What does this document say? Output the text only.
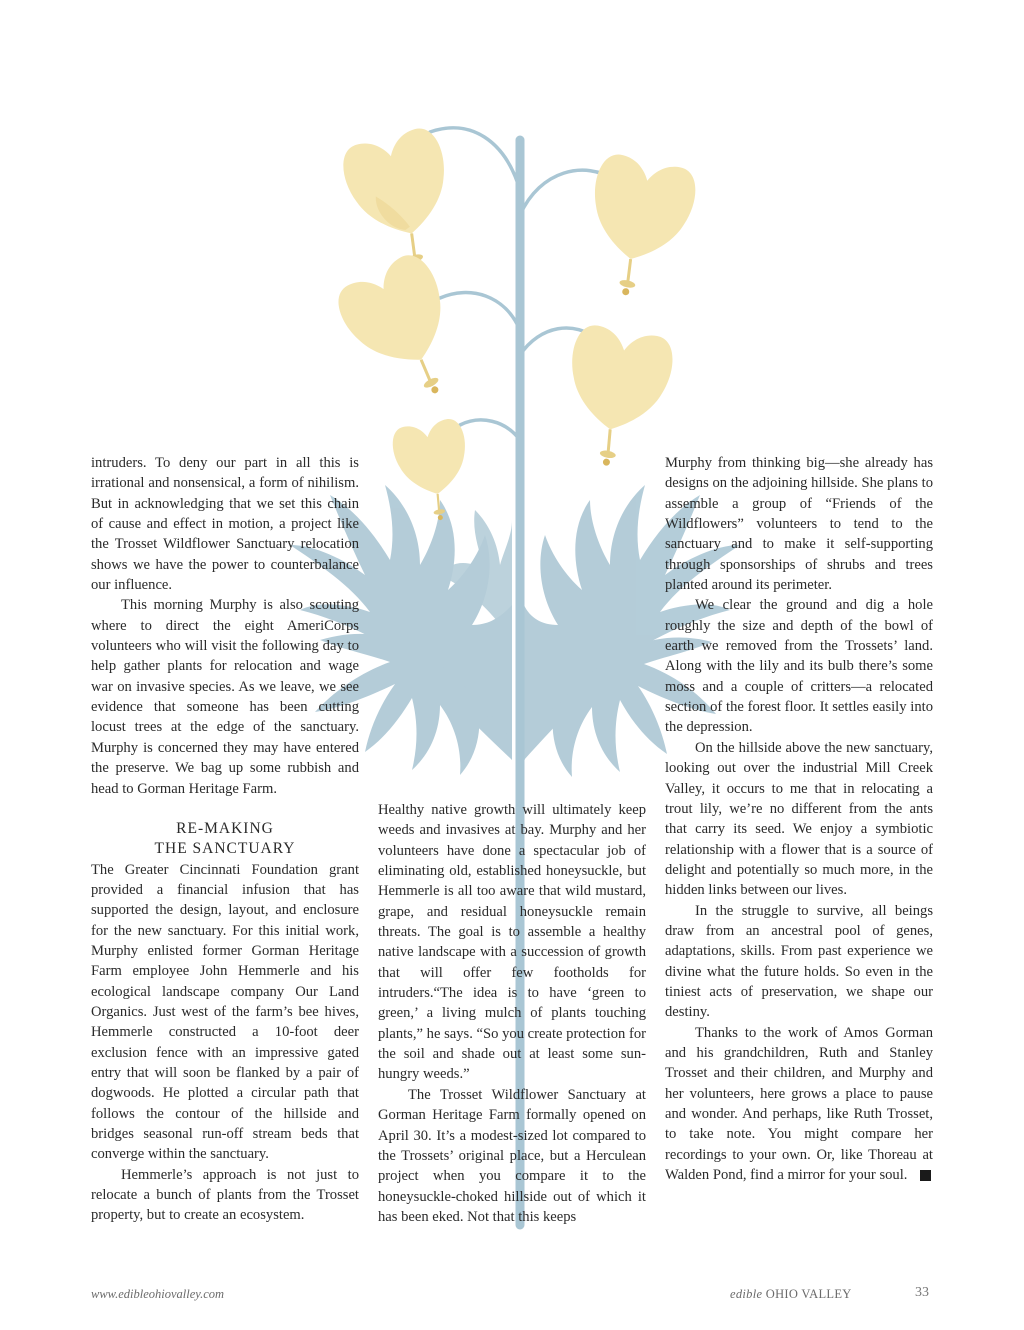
intruders. To deny our part in all this is irrational and nonsensical, a form of nihilism. But in acknowledging that we set this chain of cause and effect in motion, a project like the Trosset Wildflower Sanctuary relocation shows we have the power to counterbalance our influence.

This morning Murphy is also scouting where to direct the eight AmeriCorps volunteers who will visit the following day to help gather plants for relocation and wage war on invasive species. As we leave, we see evidence that someone has been cutting locust trees at the edge of the sanctuary. Murphy is concerned they may have entered the preserve. We bag up some rubbish and head to Gorman Heritage Farm.

RE-MAKING
THE SANCTUARY

The Greater Cincinnati Foundation grant provided a financial infusion that has supported the design, layout, and enclosure for the new sanctuary. For this initial work, Murphy enlisted former Gorman Heritage Farm employee John Hemmerle and his ecological landscape company Our Land Organics. Just west of the farm’s bee hives, Hemmerle constructed a 10-foot deer exclusion fence with an impressive gated entry that will soon be flanked by a pair of dogwoods. He plotted a circular path that follows the contour of the hillside and bridges seasonal run-off stream beds that converge within the sanctuary.

Hemmerle’s approach is not just to relocate a bunch of plants from the Trosset property, but to create an ecosystem.

Healthy native growth will ultimately keep weeds and invasives at bay. Murphy and her volunteers have done a spectacular job of eliminating old, established honeysuckle, but Hemmerle is all too aware that wild mustard, grape, and residual honeysuckle remain threats. The goal is to assemble a healthy native landscape with a succession of growth that will offer few footholds for intruders.“The idea is to have ‘green to green,’ a living mulch of plants touching plants,” he says. “So you create protection for the soil and shade out at least some sun-hungry weeds.”

The Trosset Wildflower Sanctuary at Gorman Heritage Farm formally opened on April 30. It’s a modest-sized lot compared to the Trossets’ original place, but a Herculean project when you compare it to the honeysuckle-choked hillside out of which it has been eked. Not that this keeps

Murphy from thinking big—she already has designs on the adjoining hillside. She plans to assemble a group of “Friends of the Wildflowers” volunteers to tend to the sanctuary and to make it self-supporting through sponsorships of shrubs and trees planted around its perimeter.

We clear the ground and dig a hole roughly the size and depth of the bowl of earth we removed from the Trossets’ land. Along with the lily and its bulb there’s some moss and a couple of critters—a relocated section of the forest floor. It settles easily into the depression.

On the hillside above the new sanctuary, looking out over the industrial Mill Creek Valley, it occurs to me that in relocating a trout lily, we’re no different from the ants that carry its seed. We enjoy a symbiotic relationship with a flower that is a source of delight and potentially so much more, in the hidden links between our lives.

In the struggle to survive, all beings draw from an ancestral pool of genes, adaptations, skills. From past experience we divine what the future holds. So even in the tiniest acts of preservation, we shape our destiny.

Thanks to the work of Amos Gorman and his grandchildren, Ruth and Stanley Trosset and their children, and Murphy and her volunteers, here grows a place to pause and wonder. And perhaps, like Ruth Trosset, to take note. You might compare her recordings to your own. Or, like Thoreau at Walden Pond, find a mirror for your soul.

www.edibleohiovalley.com	edible OHIO VALLEY	33
